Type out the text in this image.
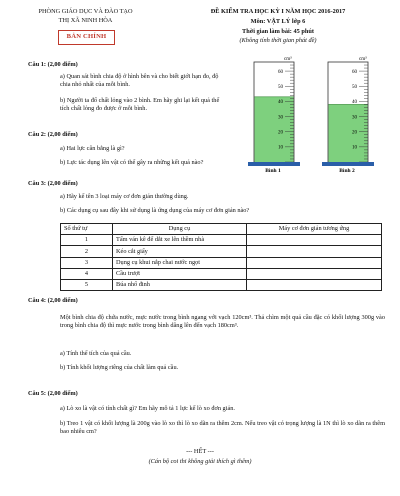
PHÒNG GIÁO DỤC VÀ ĐÀO TẠO
THỊ XÃ NINH HÒA
BẢN CHÍNH
ĐỀ KIỂM TRA HỌC KỲ I NĂM HỌC 2016-2017
Môn: VẬT LÝ lớp 6
Thời gian làm bài: 45 phút
(Không tính thời gian phát đề)
Câu 1: (2,00 điểm)
a) Quan sát bình chia độ ở hình bên và cho biết giới hạn đo, độ chia nhỏ nhất của mỗi bình.
b) Người ta đổ chất lỏng vào 2 bình. Em hãy ghi lại kết quả thể tích chất lỏng đo được ở mỗi bình.
60
50
40
30
20
10
60
50
40
30
20
10
cm³	cm³
Bình 1	Bình 2
Câu 2: (2,00 điểm)
a) Hai lực cân bằng là gì?
b) Lực tác dụng lên vật có thể gây ra những kết quả nào?
Câu 3: (2,00 điểm)
a) Hãy kể tên 3 loại máy cơ đơn giản thường dùng.
b) Các dụng cụ sau đây khi sử dụng là ứng dụng của máy cơ đơn giản nào?
Số thứ tự	Dụng cụ	Máy cơ đơn giản tương ứng
1	Tấm ván kê để dắt xe lên thềm nhà	
2	Kéo cắt giấy	
3	Dụng cụ khui nắp chai nước ngọt	
4	Cầu trượt	
5	Búa nhổ đinh	
Câu 4: (2,00 điểm)
Một bình chia độ chứa nước, mực nước trong bình ngang với vạch 120cm³. Thả chìm một quả cầu đặc có khối lượng 300g vào trong bình chia độ thì mực nước trong bình dâng lên đến vạch 180cm³.
a) Tính thể tích của quả cầu.
b) Tính khối lượng riêng của chất làm quả cầu.
Câu 5: (2,00 điểm)
a) Lò xo là vật có tính chất gì? Em hãy mô tả 1 lực kế lò xo đơn giản.
b) Treo 1 vật có khối lượng là 200g vào lò xo thì lò xo dãn ra thêm 2cm. Nếu treo vật có trọng lượng là 1N thì lò xo dãn ra thêm bao nhiêu cm?
--- HẾT ---
(Cán bộ coi thi không giải thích gì thêm)
